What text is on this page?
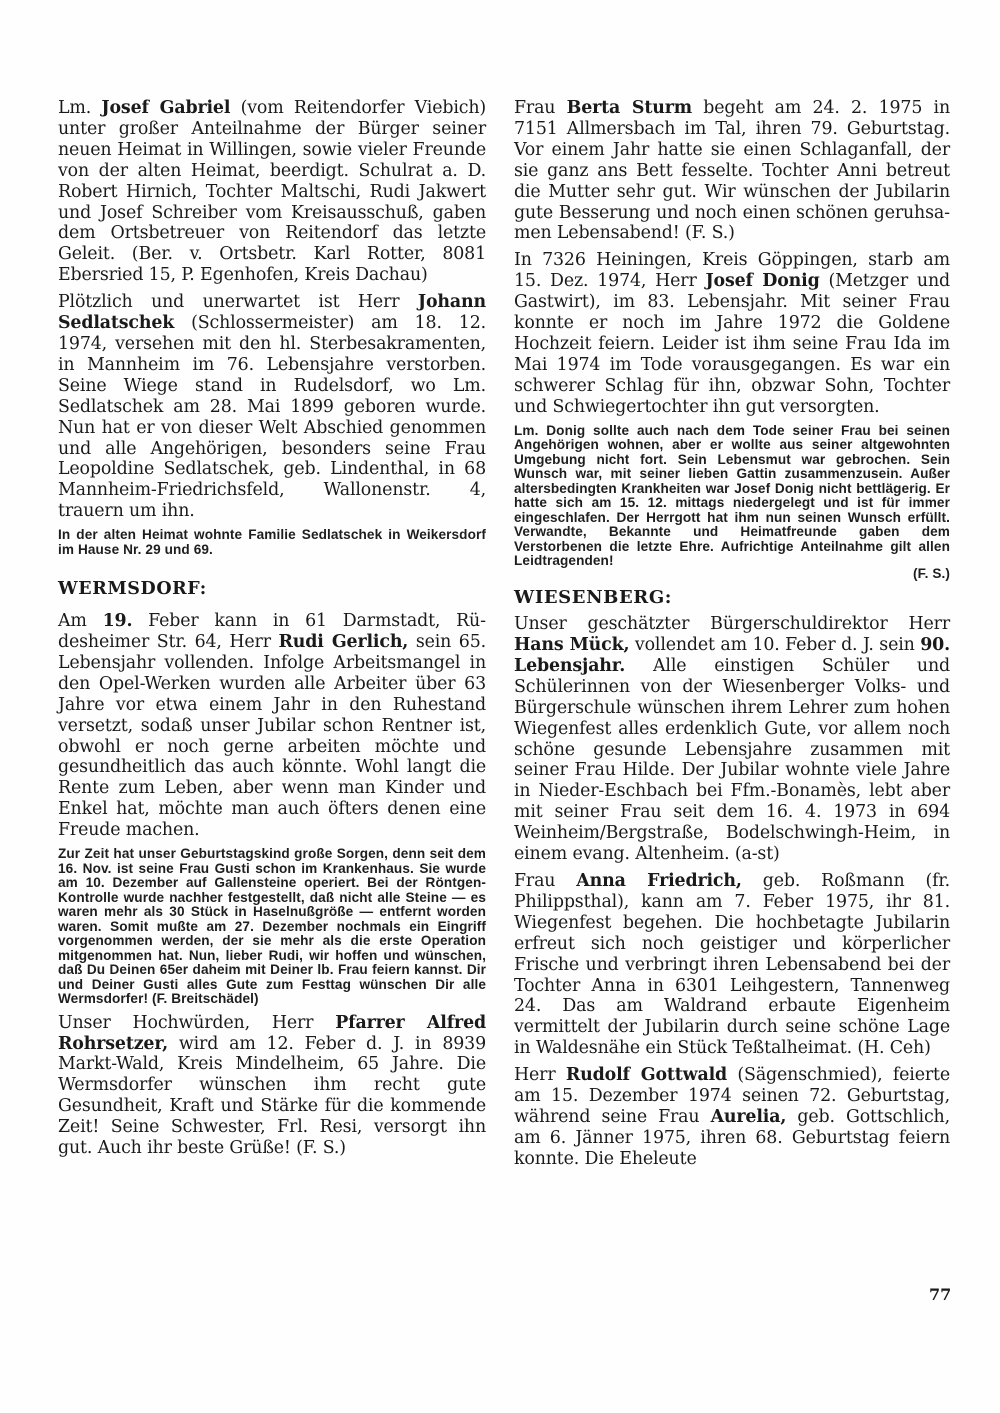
Lm. Josef Gabriel (vom Reitendorfer Viebich) unter großer Anteilnahme der Bürger seiner neuen Heimat in Willingen, sowie vieler Freunde von der alten Heimat, beerdigt. Schulrat a. D. Robert Hirnich, Tochter Maltschi, Rudi Jakwert und Josef Schreiber vom Kreisausschuß, gaben dem Ortsbetreuer von Reitendorf das letzte Geleit. (Ber. v. Ortsbetr. Karl Rotter, 8081 Ebersried 15, P. Egenhofen, Kreis Dachau)

Plötzlich und unerwartet ist Herr Johann Sedlatschek (Schlossermeister) am 18. 12. 1974, versehen mit den hl. Sterbesakramenten, in Mannheim im 76. Lebensjahre verstorben. Seine Wiege stand in Rudelsdorf, wo Lm. Sedlatschek am 28. Mai 1899 geboren wurde. Nun hat er von dieser Welt Abschied genommen und alle Angehörigen, besonders seine Frau Leopoldine Sedlatschek, geb. Lindenthal, in 68 Mannheim-Friedrichsfeld, Wallonenstr. 4, trauern um ihn.

In der alten Heimat wohnte Familie Sedlatschek in Weikersdorf im Hause Nr. 29 und 69.

WERMSDORF:

Am 19. Feber kann in 61 Darmstadt, Rüdesheimer Str. 64, Herr Rudi Gerlich, sein 65. Lebensjahr vollenden. Infolge Arbeitsmangel in den Opel-Werken wurden alle Arbeiter über 63 Jahre vor etwa einem Jahr in den Ruhestand versetzt, sodaß unser Jubilar schon Rentner ist, obwohl er noch gerne arbeiten möchte und gesundheitlich das auch könnte. Wohl langt die Rente zum Leben, aber wenn man Kinder und Enkel hat, möchte man auch öfters denen eine Freude machen.

Zur Zeit hat unser Geburtstagskind große Sorgen, denn seit dem 16. Nov. ist seine Frau Gusti schon im Krankenhaus. Sie wurde am 10. Dezember auf Gallensteine operiert. Bei der Röntgen-Kontrolle wurde nachher festgestellt, daß nicht alle Steine — es waren mehr als 30 Stück in Haselnußgröße — entfernt worden waren. Somit mußte am 27. Dezember nochmals ein Eingriff vorgenommen werden, der sie mehr als die erste Operation mitgenommen hat. Nun, lieber Rudi, wir hoffen und wünschen, daß Du Deinen 65er daheim mit Deiner lb. Frau feiern kannst. Dir und Deiner Gusti alles Gute zum Festtag wünschen Dir alle Wermsdorfer! (F. Breitschädel)

Unser Hochwürden, Herr Pfarrer Alfred Rohrsetzer, wird am 12. Feber d. J. in 8939 Markt-Wald, Kreis Mindelheim, 65 Jahre. Die Wermsdorfer wünschen ihm recht gute Gesundheit, Kraft und Stärke für die kommende Zeit! Seine Schwester, Frl. Resi, versorgt ihn gut. Auch ihr beste Grüße! (F. S.)

Frau Berta Sturm begeht am 24. 2. 1975 in 7151 Allmersbach im Tal, ihren 79. Geburtstag. Vor einem Jahr hatte sie einen Schlaganfall, der sie ganz ans Bett fesselte. Tochter Anni betreut die Mutter sehr gut. Wir wünschen der Jubilarin gute Besserung und noch einen schönen geruhsamen Lebensabend! (F. S.)

In 7326 Heiningen, Kreis Göppingen, starb am 15. Dez. 1974, Herr Josef Donig (Metzger und Gastwirt), im 83. Lebensjahr. Mit seiner Frau konnte er noch im Jahre 1972 die Goldene Hochzeit feiern. Leider ist ihm seine Frau Ida im Mai 1974 im Tode vorausgegangen. Es war ein schwerer Schlag für ihn, obzwar Sohn, Tochter und Schwiegertochter ihn gut versorgten.

Lm. Donig sollte auch nach dem Tode seiner Frau bei seinen Angehörigen wohnen, aber er wollte aus seiner altgewohnten Umgebung nicht fort. Sein Lebensmut war gebrochen. Sein Wunsch war, mit seiner lieben Gattin zusammenzusein. Außer altersbedingten Krankheiten war Josef Donig nicht bettlägerig. Er hatte sich am 15. 12. mittags niedergelegt und ist für immer eingeschlafen. Der Herrgott hat ihm nun seinen Wunsch erfüllt. Verwandte, Bekannte und Heimatfreunde gaben dem Verstorbenen die letzte Ehre. Aufrichtige Anteilnahme gilt allen Leidtragenden!

(F. S.)

WIESENBERG:

Unser geschätzter Bürgerschuldirektor Herr Hans Mück, vollendet am 10. Feber d. J. sein 90. Lebensjahr. Alle einstigen Schüler und Schülerinnen von der Wiesenberger Volks- und Bürgerschule wünschen ihrem Lehrer zum hohen Wiegenfest alles erdenklich Gute, vor allem noch schöne gesunde Lebensjahre zusammen mit seiner Frau Hilde. Der Jubilar wohnte viele Jahre in Nieder-Eschbach bei Ffm.-Bonamès, lebt aber mit seiner Frau seit dem 16. 4. 1973 in 694 Weinheim/Bergstraße, Bodelschwingh-Heim, in einem evang. Altenheim. (a-st)

Frau Anna Friedrich, geb. Roßmann (fr. Philippsthal), kann am 7. Feber 1975, ihr 81. Wiegenfest begehen. Die hochbetagte Jubilarin erfreut sich noch geistiger und körperlicher Frische und verbringt ihren Lebensabend bei der Tochter Anna in 6301 Leihgestern, Tannenweg 24. Das am Waldrand erbaute Eigenheim vermittelt der Jubilarin durch seine schöne Lage in Waldesnähe ein Stück Teßtalheimat. (H. Ceh)

Herr Rudolf Gottwald (Sägenschmied), feierte am 15. Dezember 1974 seinen 72. Geburtstag, während seine Frau Aurelia, geb. Gottschlich, am 6. Jänner 1975, ihren 68. Geburtstag feiern konnte. Die Eheleute

77
